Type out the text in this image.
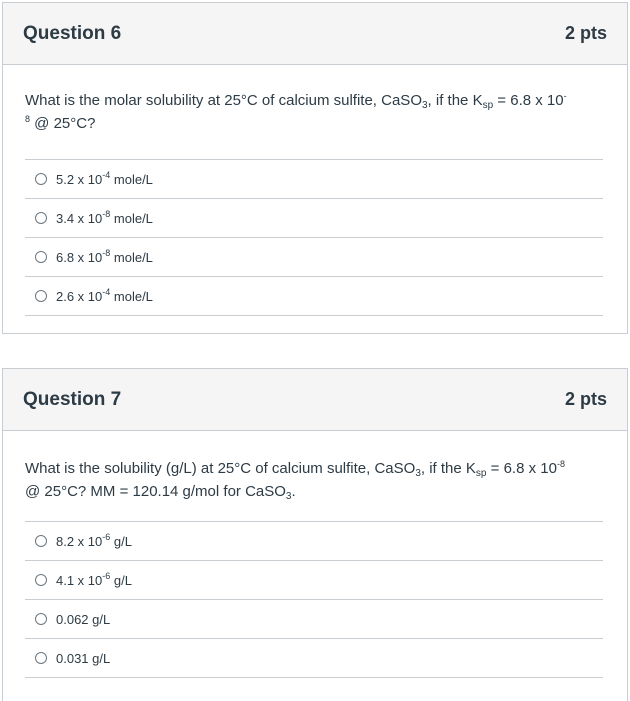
Question 6	2 pts
What is the molar solubility at 25°C of calcium sulfite, CaSO$_3$, if the $K_{sp} = 6.8$ x 10-
$^8$ @ 25°C?
5.2 x $10^{-4}$ mole/L
3.4 x $10^{-8}$ mole/L
6.8 x $10^{-8}$ mole/L
2.6 x $10^{-4}$ mole/L
Question 7	2 pts
What is the solubility (g/L) at 25°C of calcium sulfite, CaSO$_3$, if the $K_{sp} = 6.8$ x $10^{-8}$
@ 25°C? MM = 120.14 g/mol for CaSO$_3$.
8.2 x $10^{-6}$ g/L
4.1 x $10^{-6}$ g/L
0.062 g/L
0.031 g/L
